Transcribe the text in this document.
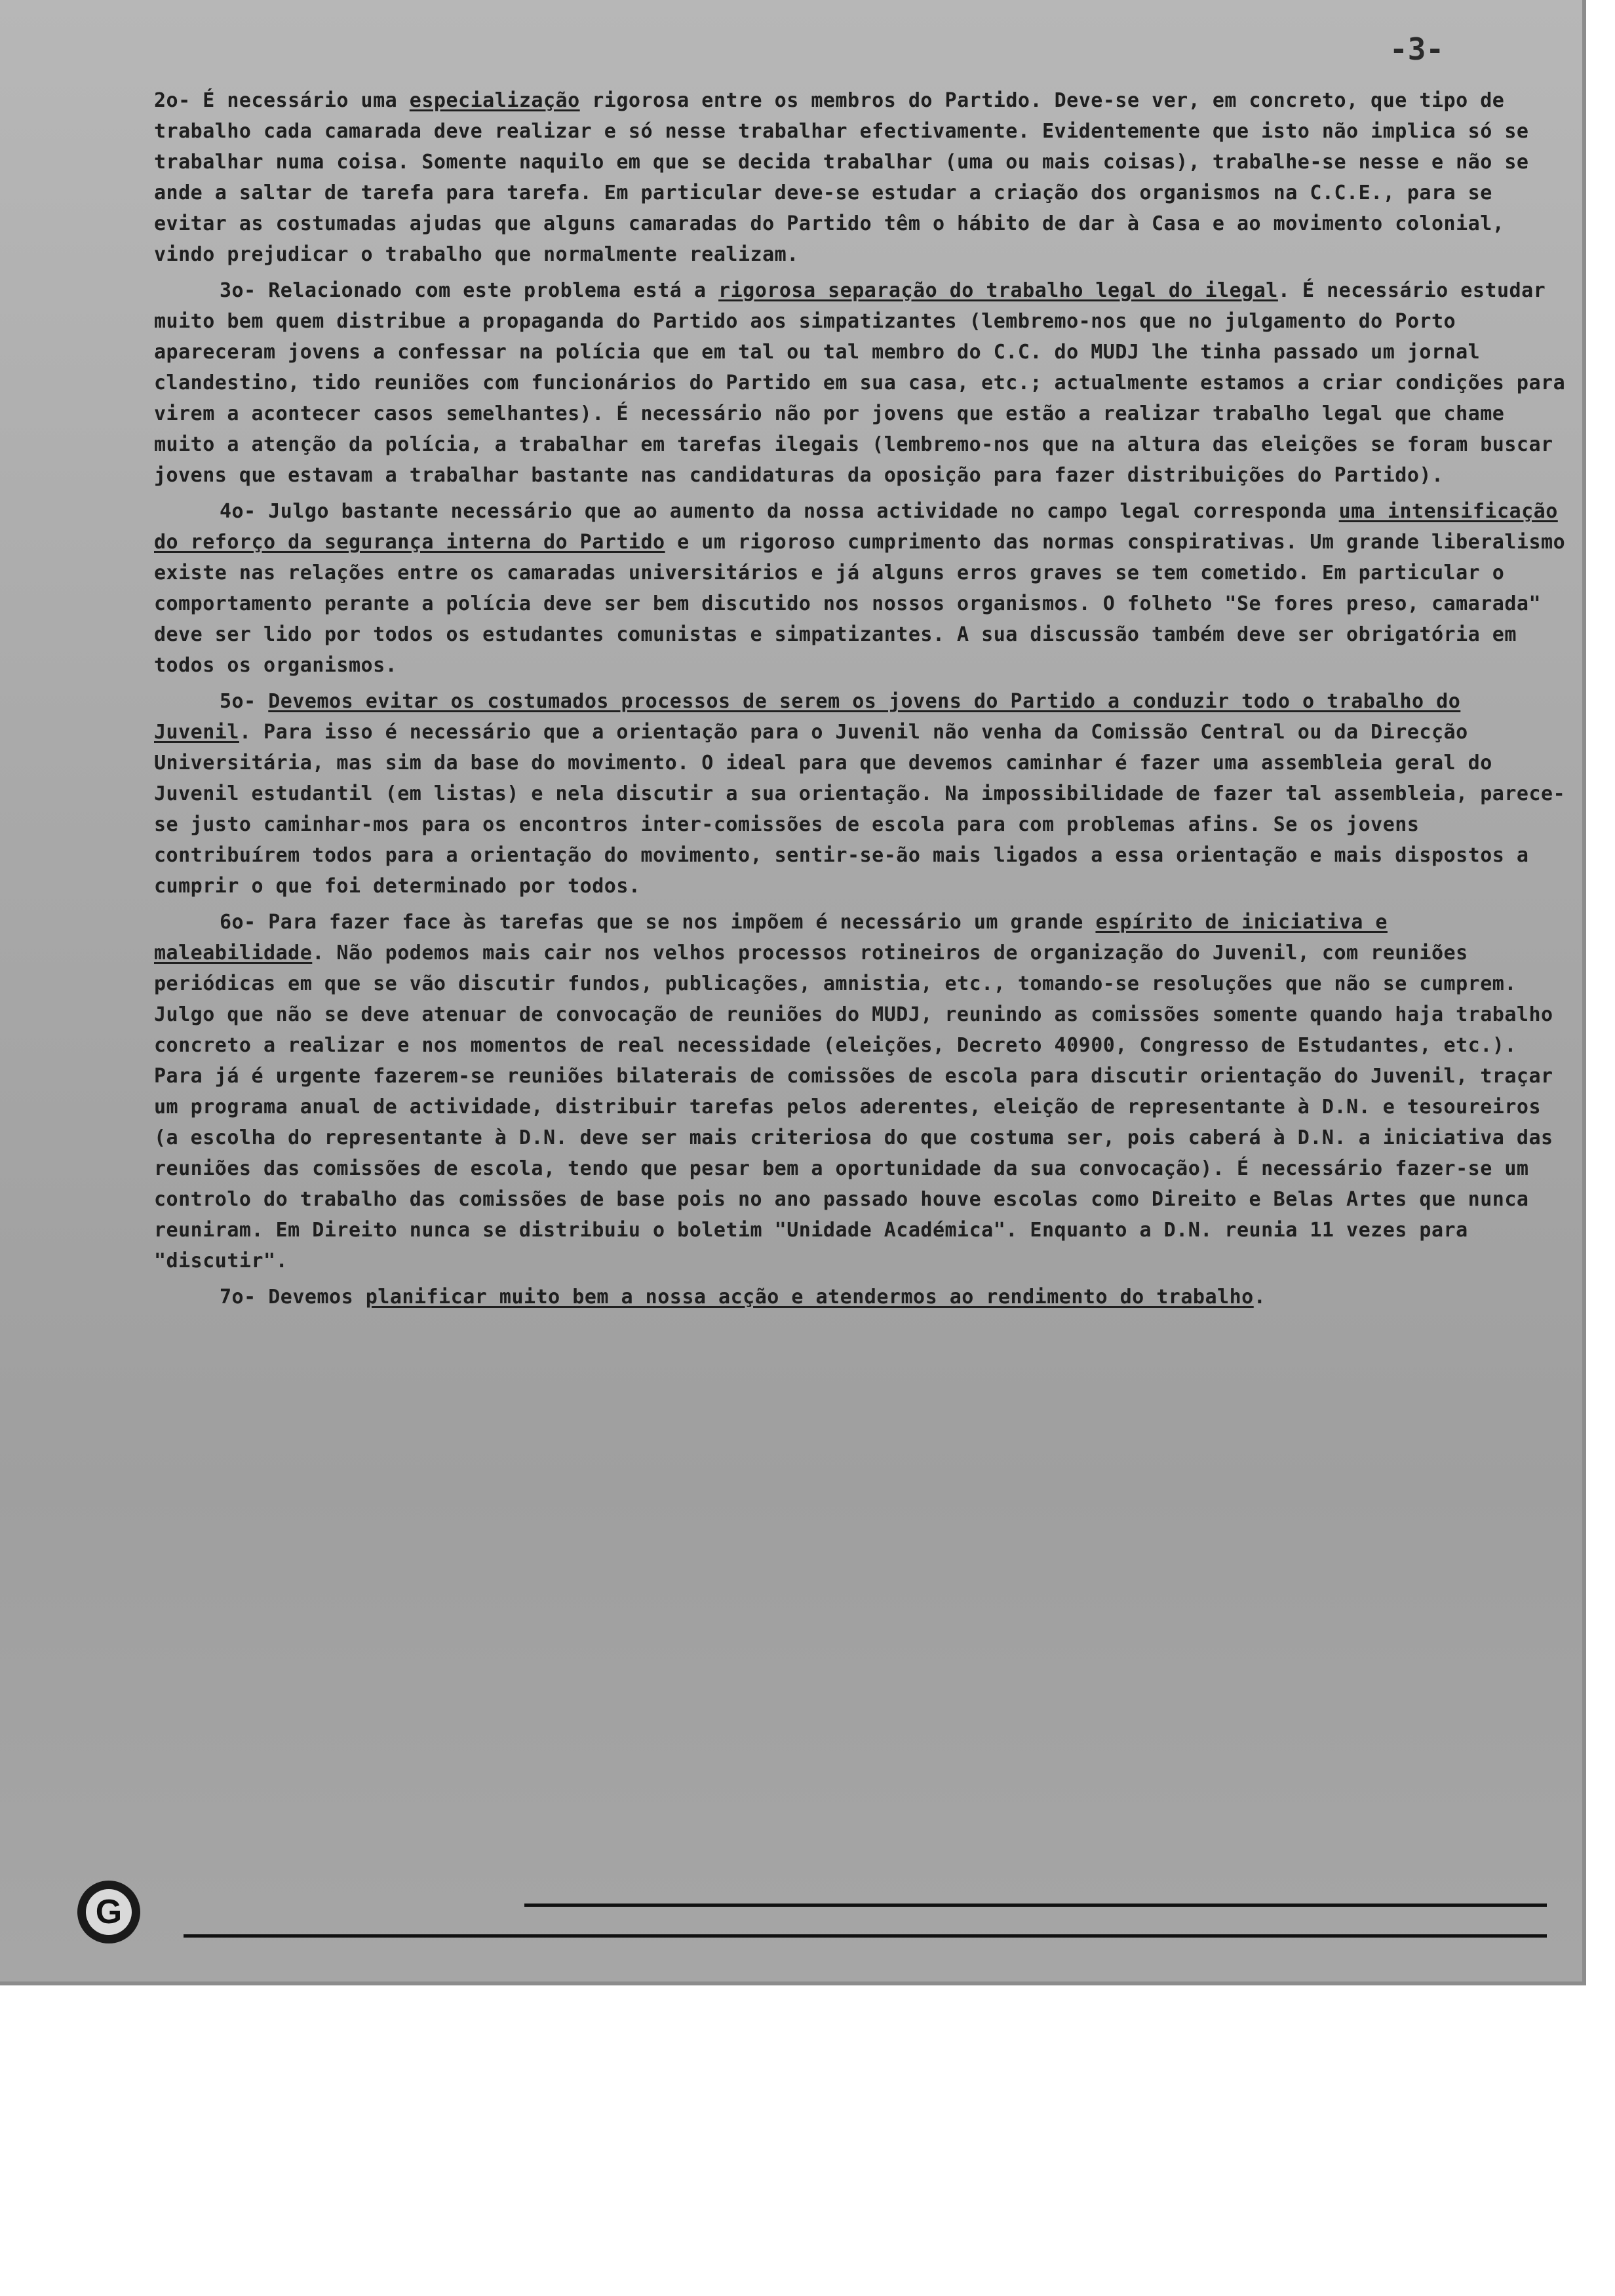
-3-

2o- É necessário uma especialização rigorosa entre os membros do Partido. Deve-se ver, em concreto, que tipo de trabalho cada camarada deve realizar e só nesse trabalhar efectivamente. Evidentemente que isto não implica só se trabalhar numa coisa. Somente naquilo em que se decida trabalhar (uma ou mais coisas), trabalhe-se nesse e não se ande a saltar de tarefa para tarefa. Em particular deve-se estudar a criação dos organismos na C.C.E., para se evitar as costumadas ajudas que alguns camaradas do Partido têm o hábito de dar à Casa e ao movimento colonial, vindo prejudicar o trabalho que normalmente realizam.

3o- Relacionado com este problema está a rigorosa separação do trabalho legal do ilegal. É necessário estudar muito bem quem distribue a propaganda do Partido aos simpatizantes (lembremo-nos que no julgamento do Porto apareceram jovens a confessar na polícia que em tal ou tal membro do C.C. do MUDJ lhe tinha passado um jornal clandestino, tido reuniões com funcionários do Partido em sua casa, etc.; actualmente estamos a criar condições para virem a acontecer casos semelhantes). É necessário não por jovens que estão a realizar trabalho legal que chame muito a atenção da polícia, a trabalhar em tarefas ilegais (lembremo-nos que na altura das eleições se foram buscar jovens que estavam a trabalhar bastante nas candidaturas da oposição para fazer distribuições do Partido).

4o- Julgo bastante necessário que ao aumento da nossa actividade no campo legal corresponda uma intensificação do reforço da segurança interna do Partido e um rigoroso cumprimento das normas conspirativas. Um grande liberalismo existe nas relações entre os camaradas universitários e já alguns erros graves se tem cometido. Em particular o comportamento perante a polícia deve ser bem discutido nos nossos organismos. O folheto "Se fores preso, camarada" deve ser lido por todos os estudantes comunistas e simpatizantes. A sua discussão também deve ser obrigatória em todos os organismos.

5o- Devemos evitar os costumados processos de serem os jovens do Partido a conduzir todo o trabalho do Juvenil. Para isso é necessário que a orientação para o Juvenil não venha da Comissão Central ou da Direcção Universitária, mas sim da base do movimento. O ideal para que devemos caminhar é fazer uma assembleia geral do Juvenil estudantil (em listas) e nela discutir a sua orientação. Na impossibilidade de fazer tal assembleia, parece-se justo caminhar-mos para os encontros inter-comissões de escola para com problemas afins. Se os jovens contribuírem todos para a orientação do movimento, sentir-se-ão mais ligados a essa orientação e mais dispostos a cumprir o que foi determinado por todos.

6o- Para fazer face às tarefas que se nos impõem é necessário um grande espírito de iniciativa e maleabilidade. Não podemos mais cair nos velhos processos rotineiros de organização do Juvenil, com reuniões periódicas em que se vão discutir fundos, publicações, amnistia, etc., tomando-se resoluções que não se cumprem. Julgo que não se deve atenuar de convocação de reuniões do MUDJ, reunindo as comissões somente quando haja trabalho concreto a realizar e nos momentos de real necessidade (eleições, Decreto 40900, Congresso de Estudantes, etc.). Para já é urgente fazerem-se reuniões bilaterais de comissões de escola para discutir orientação do Juvenil, traçar um programa anual de actividade, distribuir tarefas pelos aderentes, eleição de representante à D.N. e tesoureiros (a escolha do representante à D.N. deve ser mais criteriosa do que costuma ser, pois caberá à D.N. a iniciativa das reuniões das comissões de escola, tendo que pesar bem a oportunidade da sua convocação). É necessário fazer-se um controlo do trabalho das comissões de base pois no ano passado houve escolas como Direito e Belas Artes que nunca reuniram. Em Direito nunca se distribuiu o boletim "Unidade Académica". Enquanto a D.N. reunia 11 vezes para "discutir".

7o- Devemos planificar muito bem a nossa acção e atendermos ao rendimento do trabalho.

G
